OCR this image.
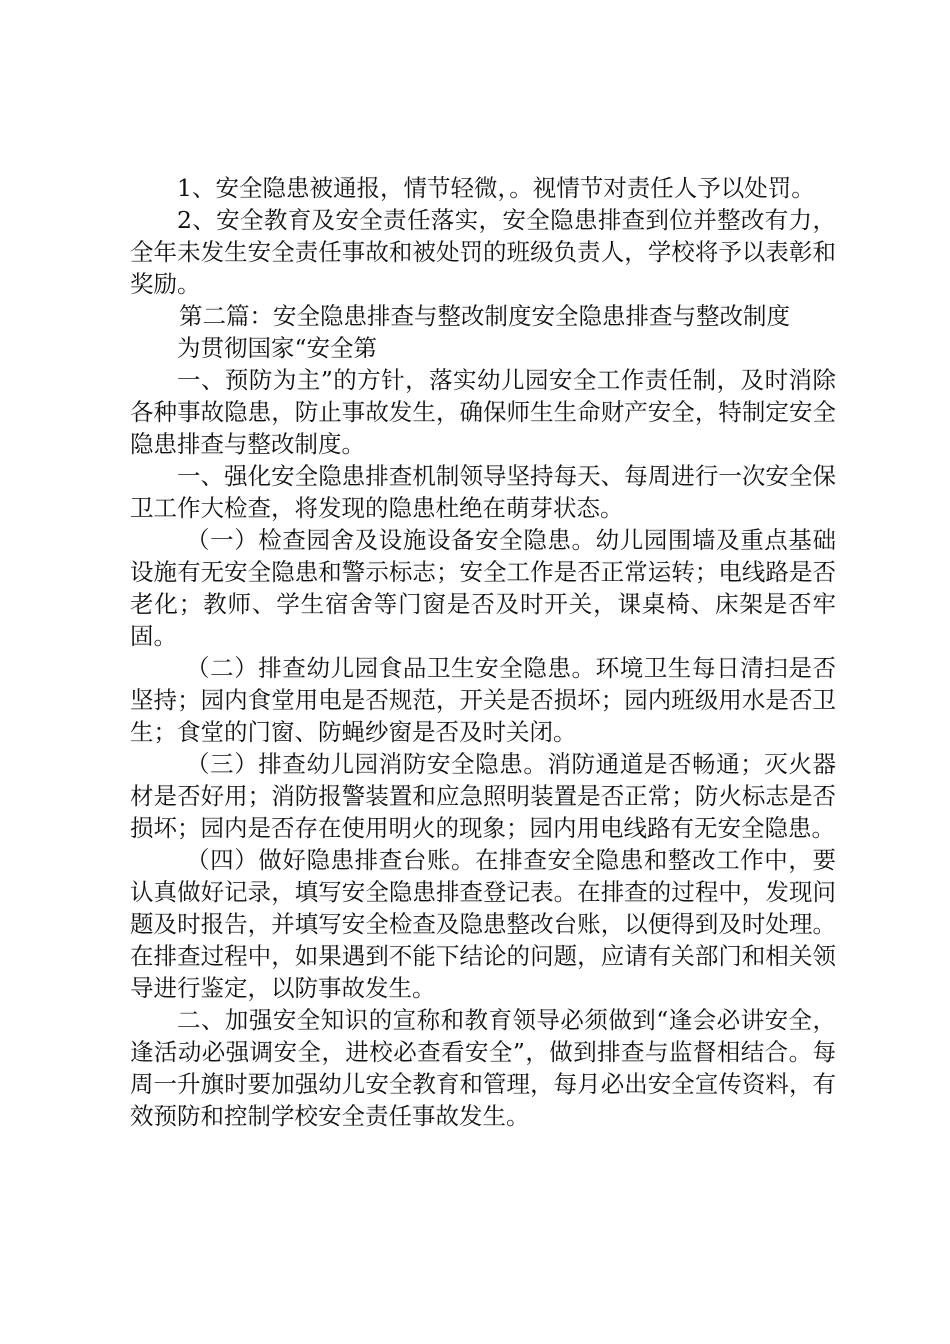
1、安全隐患被通报，情节轻微，。视情节对责任人予以处罚。

2、安全教育及安全责任落实，安全隐患排查到位并整改有力，全年未发生安全责任事故和被处罚的班级负责人，学校将予以表彰和奖励。

第二篇：安全隐患排查与整改制度安全隐患排查与整改制度

为贯彻国家“安全第

一、预防为主”的方针，落实幼儿园安全工作责任制，及时消除各种事故隐患，防止事故发生，确保师生生命财产安全，特制定安全隐患排查与整改制度。

一、强化安全隐患排查机制领导坚持每天、每周进行一次安全保卫工作大检查，将发现的隐患杜绝在萌芽状态。

（一）检查园舍及设施设备安全隐患。幼儿园围墙及重点基础设施有无安全隐患和警示标志；安全工作是否正常运转；电线路是否老化；教师、学生宿舍等门窗是否及时开关，课桌椅、床架是否牢固。

（二）排查幼儿园食品卫生安全隐患。环境卫生每日清扫是否坚持；园内食堂用电是否规范，开关是否损坏；园内班级用水是否卫生；食堂的门窗、防蝇纱窗是否及时关闭。

（三）排查幼儿园消防安全隐患。消防通道是否畅通；灭火器材是否好用；消防报警装置和应急照明装置是否正常；防火标志是否损坏；园内是否存在使用明火的现象；园内用电线路有无安全隐患。

（四）做好隐患排查台账。在排查安全隐患和整改工作中，要认真做好记录，填写安全隐患排查登记表。在排查的过程中，发现问题及时报告，并填写安全检查及隐患整改台账，以便得到及时处理。在排查过程中，如果遇到不能下结论的问题，应请有关部门和相关领导进行鉴定，以防事故发生。

二、加强安全知识的宣称和教育领导必须做到“逢会必讲安全，逢活动必强调安全，进校必查看安全”，做到排查与监督相结合。每周一升旗时要加强幼儿安全教育和管理，每月必出安全宣传资料，有效预防和控制学校安全责任事故发生。
